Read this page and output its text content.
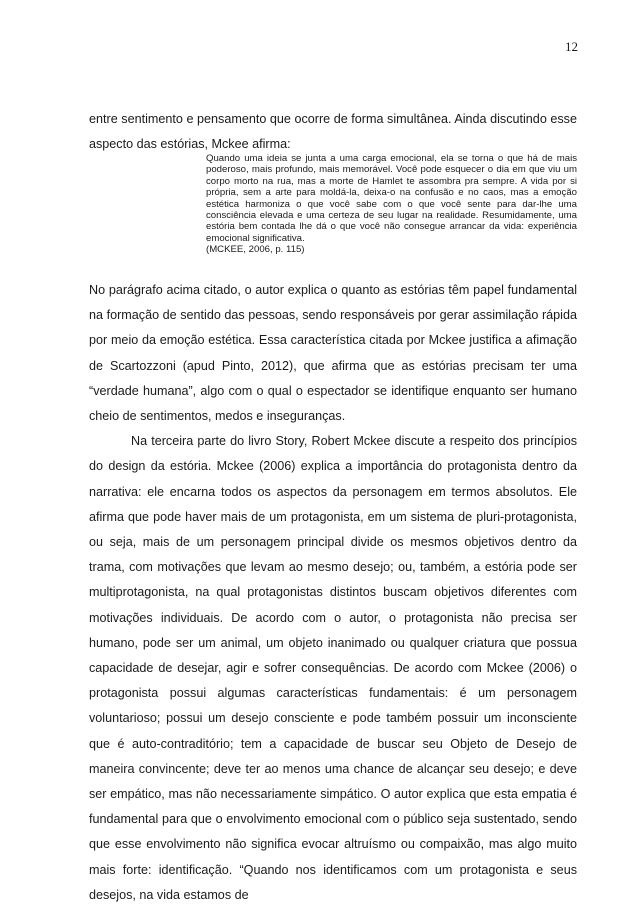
12

entre sentimento e pensamento que ocorre de forma simultânea. Ainda discutindo esse aspecto das estórias, Mckee afirma:

Quando uma ideia se junta a uma carga emocional, ela se torna o que há de mais poderoso, mais profundo, mais memorável. Você pode esquecer o dia em que viu um corpo morto na rua, mas a morte de Hamlet te assombra pra sempre. A vida por si própria, sem a arte para moldá-la, deixa-o na confusão e no caos, mas a emoção estética harmoniza o que você sabe com o que você sente para dar-lhe uma consciência elevada e uma certeza de seu lugar na realidade. Resumidamente, uma estória bem contada lhe dá o que você não consegue arrancar da vida: experiência emocional significativa.

(MCKEE, 2006, p. 115)

No parágrafo acima citado, o autor explica o quanto as estórias têm papel fundamental na formação de sentido das pessoas, sendo responsáveis por gerar assimilação rápida por meio da emoção estética. Essa característica citada por Mckee justifica a afimação de Scartozzoni (apud Pinto, 2012), que afirma que as estórias precisam ter uma “verdade humana”, algo com o qual o espectador se identifique enquanto ser humano cheio de sentimentos, medos e inseguranças.

Na terceira parte do livro Story, Robert Mckee discute a respeito dos princípios do design da estória. Mckee (2006) explica a importância do protagonista dentro da narrativa: ele encarna todos os aspectos da personagem em termos absolutos. Ele afirma que pode haver mais de um protagonista, em um sistema de pluri-protagonista, ou seja, mais de um personagem principal divide os mesmos objetivos dentro da trama, com motivações que levam ao mesmo desejo; ou, também, a estória pode ser multiprotagonista, na qual protagonistas distintos buscam objetivos diferentes com motivações individuais. De acordo com o autor, o protagonista não precisa ser humano, pode ser um animal, um objeto inanimado ou qualquer criatura que possua capacidade de desejar, agir e sofrer consequências. De acordo com Mckee (2006) o protagonista possui algumas características fundamentais: é um personagem voluntarioso; possui um desejo consciente e pode também possuir um inconsciente que é auto-contraditório; tem a capacidade de buscar seu Objeto de Desejo de maneira convincente; deve ter ao menos uma chance de alcançar seu desejo; e deve ser empático, mas não necessariamente simpático. O autor explica que esta empatia é fundamental para que o envolvimento emocional com o público seja sustentado, sendo que esse envolvimento não significa evocar altruísmo ou compaixão, mas algo muito mais forte: identificação. “Quando nos identificamos com um protagonista e seus desejos, na vida estamos de
